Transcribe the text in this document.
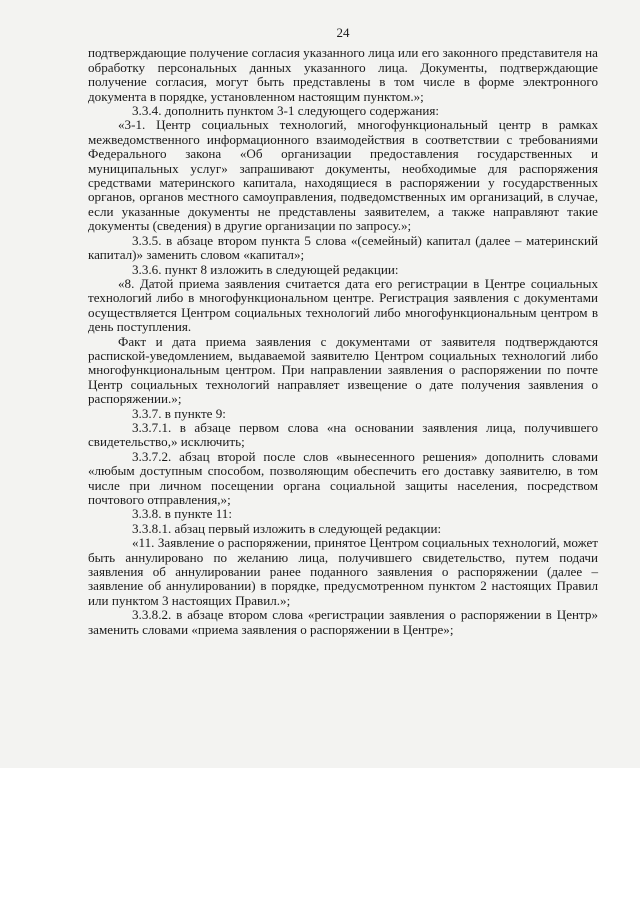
24

подтверждающие получение согласия указанного лица или его законного представителя на обработку персональных данных указанного лица. Документы, подтверждающие получение согласия, могут быть представлены в том числе в форме электронного документа в порядке, установленном настоящим пунктом.»;

3.3.4. дополнить пунктом 3-1 следующего содержания:

«3-1. Центр социальных технологий, многофункциональный центр в рамках межведомственного информационного взаимодействия в соответствии с требованиями Федерального закона «Об организации предоставления государственных и муниципальных услуг» запрашивают документы, необходимые для распоряжения средствами материнского капитала, находящиеся в распоряжении у государственных органов, органов местного самоуправления, подведомственных им организаций, в случае, если указанные документы не представлены заявителем, а также направляют такие документы (сведения) в другие организации по запросу.»;

3.3.5. в абзаце втором пункта 5 слова «(семейный) капитал (далее – материнский капитал)» заменить словом «капитал»;

3.3.6. пункт 8 изложить в следующей редакции:

«8. Датой приема заявления считается дата его регистрации в Центре социальных технологий либо в многофункциональном центре. Регистрация заявления с документами осуществляется Центром социальных технологий либо многофункциональным центром в день поступления.

Факт и дата приема заявления с документами от заявителя подтверждаются распиской-уведомлением, выдаваемой заявителю Центром социальных технологий либо многофункциональным центром. При направлении заявления о распоряжении по почте Центр социальных технологий направляет извещение о дате получения заявления о распоряжении.»;

3.3.7. в пункте 9:

3.3.7.1. в абзаце первом слова «на основании заявления лица, получившего свидетельство,» исключить;

3.3.7.2. абзац второй после слов «вынесенного решения» дополнить словами «любым доступным способом, позволяющим обеспечить его доставку заявителю, в том числе при личном посещении органа социальной защиты населения, посредством почтового отправления,»;

3.3.8. в пункте 11:

3.3.8.1. абзац первый изложить в следующей редакции:

«11. Заявление о распоряжении, принятое Центром социальных технологий, может быть аннулировано по желанию лица, получившего свидетельство, путем подачи заявления об аннулировании ранее поданного заявления о распоряжении (далее – заявление об аннулировании) в порядке, предусмотренном пунктом 2 настоящих Правил или пунктом 3 настоящих Правил.»;

3.3.8.2. в абзаце втором слова «регистрации заявления о распоряжении в Центр» заменить словами «приема заявления о распоряжении в Центре»;
